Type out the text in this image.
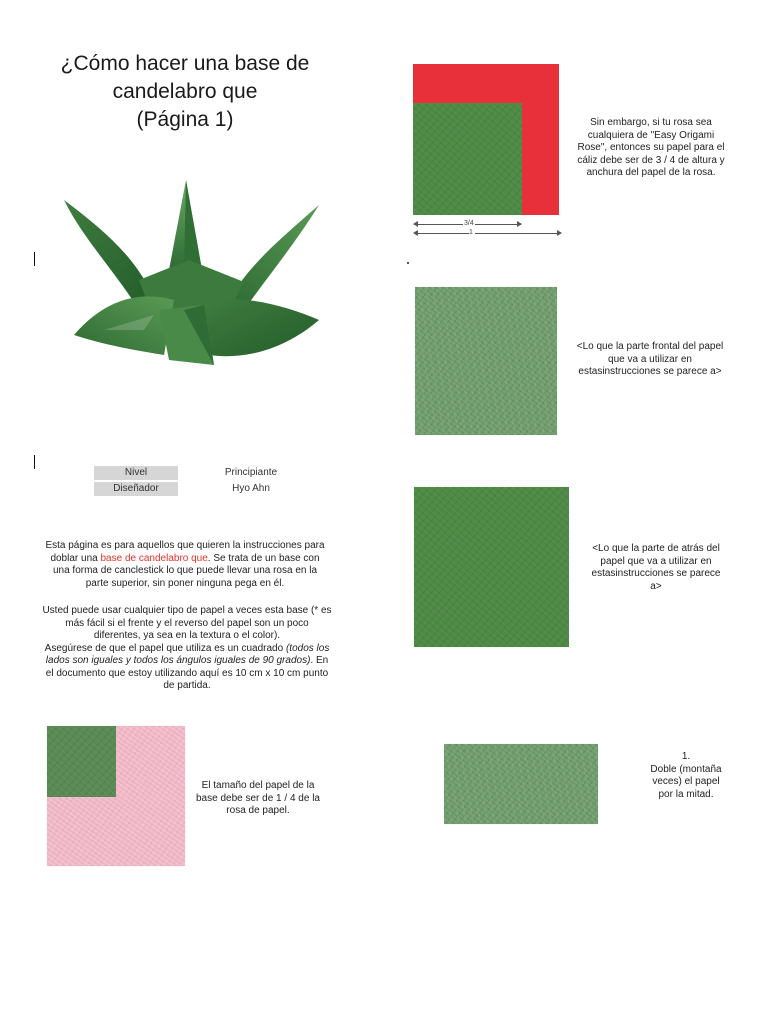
¿Cómo hacer una base de
candelabro que
(Página 1)
Nivel	Principiante
Diseñador	Hyo Ahn
Esta página es para aquellos que quieren la instrucciones para doblar una base de candelabro que. Se trata de un base con una forma de canclestick lo que puede llevar una rosa en la parte superior, sin poner ninguna pega en él.
Usted puede usar cualquier tipo de papel a veces esta base (* es más fácil si el frente y el reverso del papel son un poco diferentes, ya sea en la textura o el color).
Asegúrese de que el papel que utiliza es un cuadrado (todos los lados son iguales y todos los ángulos iguales de 90 grados). En el documento que estoy utilizando aquí es 10 cm x 10 cm punto de partida.
El tamaño del papel de la base debe ser de 1 / 4 de la rosa de papel.
3/4
1
Sin embargo, si tu rosa sea cualquiera de "Easy Origami Rose", entonces su papel para el cáliz debe ser de 3 / 4 de altura y anchura del papel de la rosa.
<Lo que la parte frontal del papel que va a utilizar en estasinstrucciones se parece a>
<Lo que la parte de atrás del papel que va a utilizar en estasinstrucciones se parece a>
1.
Doble (montaña veces) el papel por la mitad.
